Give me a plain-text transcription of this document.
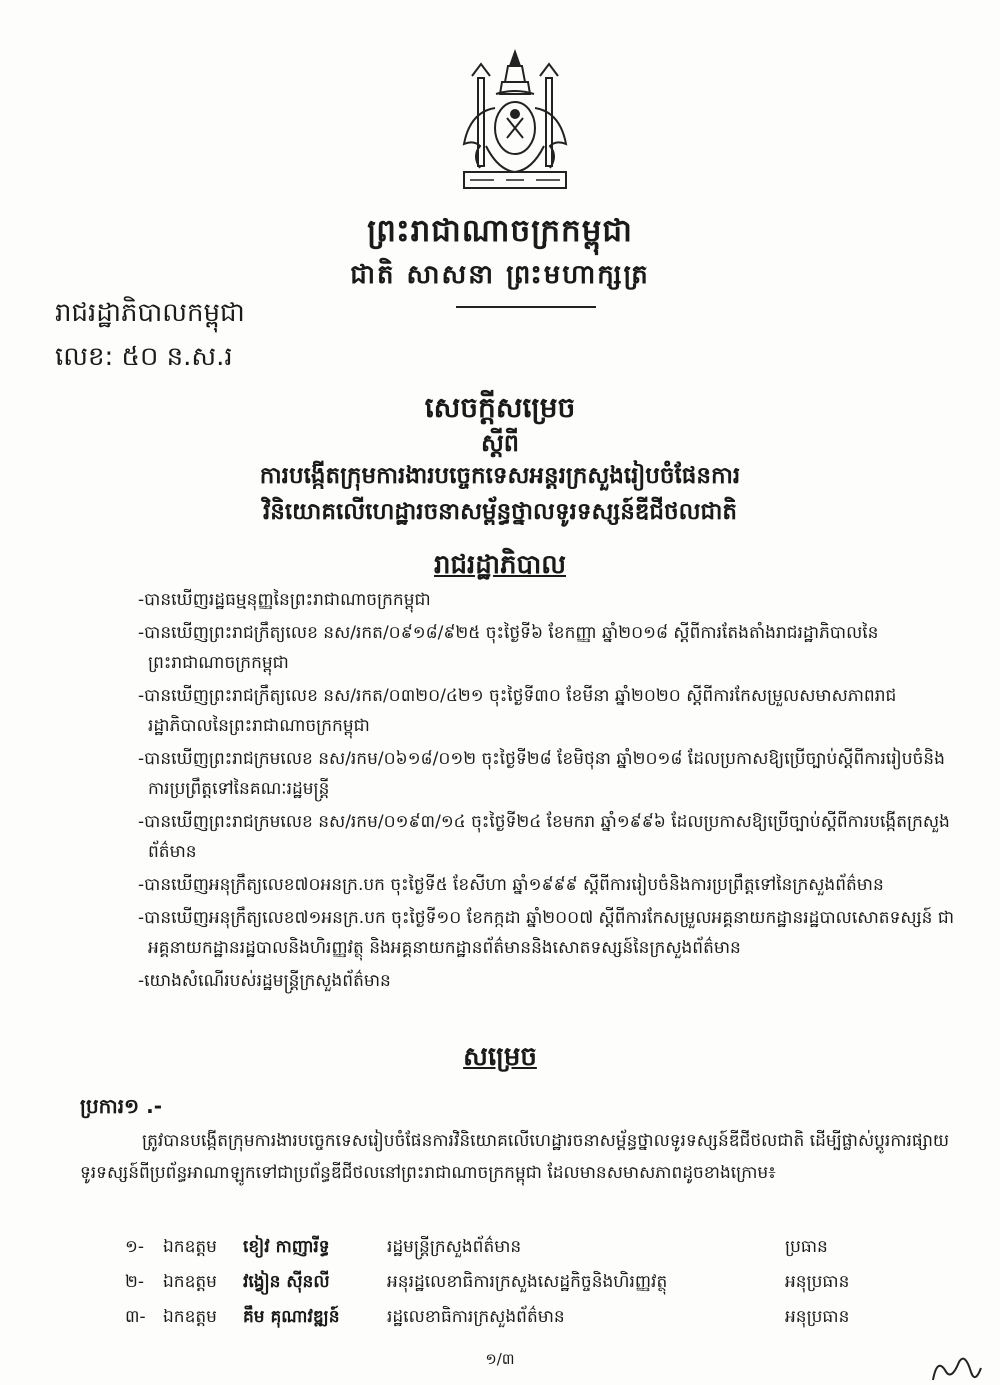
ព្រះរាជាណាចក្រកម្ពុជា
ជាតិ សាសនា ព្រះមហាក្សត្រ
រាជរដ្ឋាភិបាលកម្ពុជា
លេខ: ៥០ ​ន.ស.រ
សេចក្តីសម្រេច
ស្តីពី
ការបង្កើតក្រុមការងារបច្ចេកទេសអន្តរក្រសួងរៀបចំផែនការ
វិនិយោគលើហេដ្ឋារចនាសម្ព័ន្ធថ្នាលទូរទស្សន៍ឌីជីថលជាតិ
រាជរដ្ឋាភិបាល
-បានឃើញរដ្ឋធម្មនុញ្ញនៃព្រះរាជាណាចក្រកម្ពុជា
-បានឃើញព្រះរាជក្រឹត្យលេខ នស/រកត/០៩១៨/៩២៥ ចុះថ្ងៃទី៦ ខែកញ្ញា ឆ្នាំ២០១៨ ស្តីពីការតែងតាំងរាជរដ្ឋាភិបាលនៃព្រះរាជាណាចក្រកម្ពុជា
-បានឃើញព្រះរាជក្រឹត្យលេខ នស/រកត/០៣២០/៤២១ ចុះថ្ងៃទី៣០ ខែមីនា ឆ្នាំ២០២០ ស្តីពីការកែសម្រួលសមាសភាពរាជរដ្ឋាភិបាលនៃព្រះរាជាណាចក្រកម្ពុជា
-បានឃើញព្រះរាជក្រមលេខ នស/រកម/០៦១៨/០១២ ចុះថ្ងៃទី២៨ ខែមិថុនា ឆ្នាំ២០១៨ ដែលប្រកាសឱ្យប្រើច្បាប់ស្តីពីការរៀបចំនិងការប្រព្រឹត្តទៅនៃគណៈរដ្ឋមន្ត្រី
-បានឃើញព្រះរាជក្រមលេខ នស/រកម/០១៩៣/១៤ ចុះថ្ងៃទី២៤ ខែមករា ឆ្នាំ១៩៩៦ ដែលប្រកាសឱ្យប្រើច្បាប់ស្តីពីការបង្កើតក្រសួងព័ត៌មាន
-បានឃើញអនុក្រឹត្យលេខ៧០អនក្រ.បក ចុះថ្ងៃទី៥ ខែសីហា ឆ្នាំ១៩៩៩ ស្តីពីការរៀបចំនិងការប្រព្រឹត្តទៅនៃក្រសួងព័ត៌មាន
-បានឃើញអនុក្រឹត្យលេខ៧១អនក្រ.បក ចុះថ្ងៃទី១០ ខែកក្កដា ឆ្នាំ២០០៧ ស្តីពីការកែសម្រួលអគ្គនាយកដ្ឋានរដ្ឋបាលសោតទស្សន៍ ជាអគ្គនាយកដ្ឋានរដ្ឋបាលនិងហិរញ្ញវត្ថុ និងអគ្គនាយកដ្ឋានព័ត៌មាននិងសោតទស្សន៍នៃក្រសួងព័ត៌មាន
-យោងសំណើរបស់រដ្ឋមន្ត្រីក្រសួងព័ត៌មាន
សម្រេច
ប្រការ១ .-

ត្រូវបានបង្កើតក្រុមការងារបច្ចេកទេសរៀបចំផែនការវិនិយោគលើហេដ្ឋារចនាសម្ព័ន្ធថ្នាលទូរទស្សន៍ឌីជីថលជាតិ ដើម្បីផ្លាស់ប្តូរការផ្សាយទូរទស្សន៍ពីប្រព័ន្ធអាណាឡូកទៅជាប្រព័ន្ធឌីជីថលនៅព្រះរាជាណាចក្រកម្ពុជា ដែលមានសមាសភាពដូចខាងក្រោម៖

១- ឯកឧត្តម ខៀវ កាញារីទ្ធ	រដ្ឋមន្ត្រីក្រសួងព័ត៌មាន	ប្រធាន
២- ឯកឧត្តម វង្វៀន ស៊ីនលី	អនុរដ្ឋលេខាធិការក្រសួងសេដ្ឋកិច្ចនិងហិរញ្ញវត្ថុ	អនុប្រធាន
៣- ឯកឧត្តម គឹម គុណាវឌ្ឍន៍	រដ្ឋលេខាធិការក្រសួងព័ត៌មាន	អនុប្រធាន
១/៣
